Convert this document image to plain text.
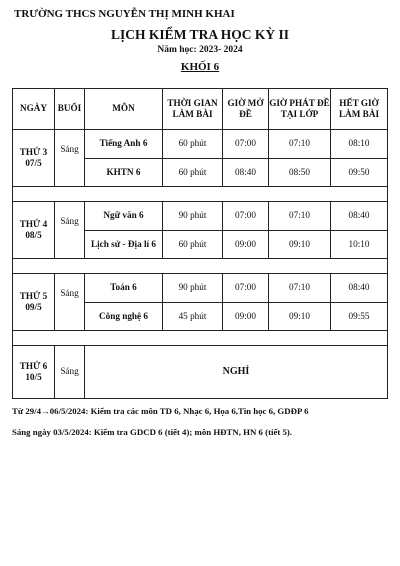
TRƯỜNG THCS NGUYỄN THỊ MINH KHAI
LỊCH KIỂM TRA HỌC KỲ II
Năm học: 2023- 2024
KHỐI 6
NGÀY	BUỔI	MÔN	THỜI GIAN LÀM BÀI	GIỜ MỞ ĐỀ	GIỜ PHÁT ĐỀ TẠI LỚP	HẾT GIỜ LÀM BÀI
THỨ 3
07/5	Sáng	Tiếng Anh 6	60 phút	07:00	07:10	08:10
		KHTN 6	60 phút	08:40	08:50	09:50

THỨ 4
08/5	Sáng	Ngữ văn 6	90 phút	07:00	07:10	08:40
		Lịch sử - Địa lí 6	60 phút	09:00	09:10	10:10

THỨ 5
09/5	Sáng	Toán 6	90 phút	07:00	07:10	08:40
		Công nghệ 6	45 phút	09:00	09:10	09:55

THỨ 6
10/5	Sáng	NGHỈ				
Từ 29/4→06/5/2024: Kiểm tra các môn TD 6, Nhạc 6, Họa 6,Tin học 6, GDĐP 6
Sáng ngày 03/5/2024: Kiểm tra GDCD 6 (tiết 4); môn HĐTN, HN 6 (tiết 5).
